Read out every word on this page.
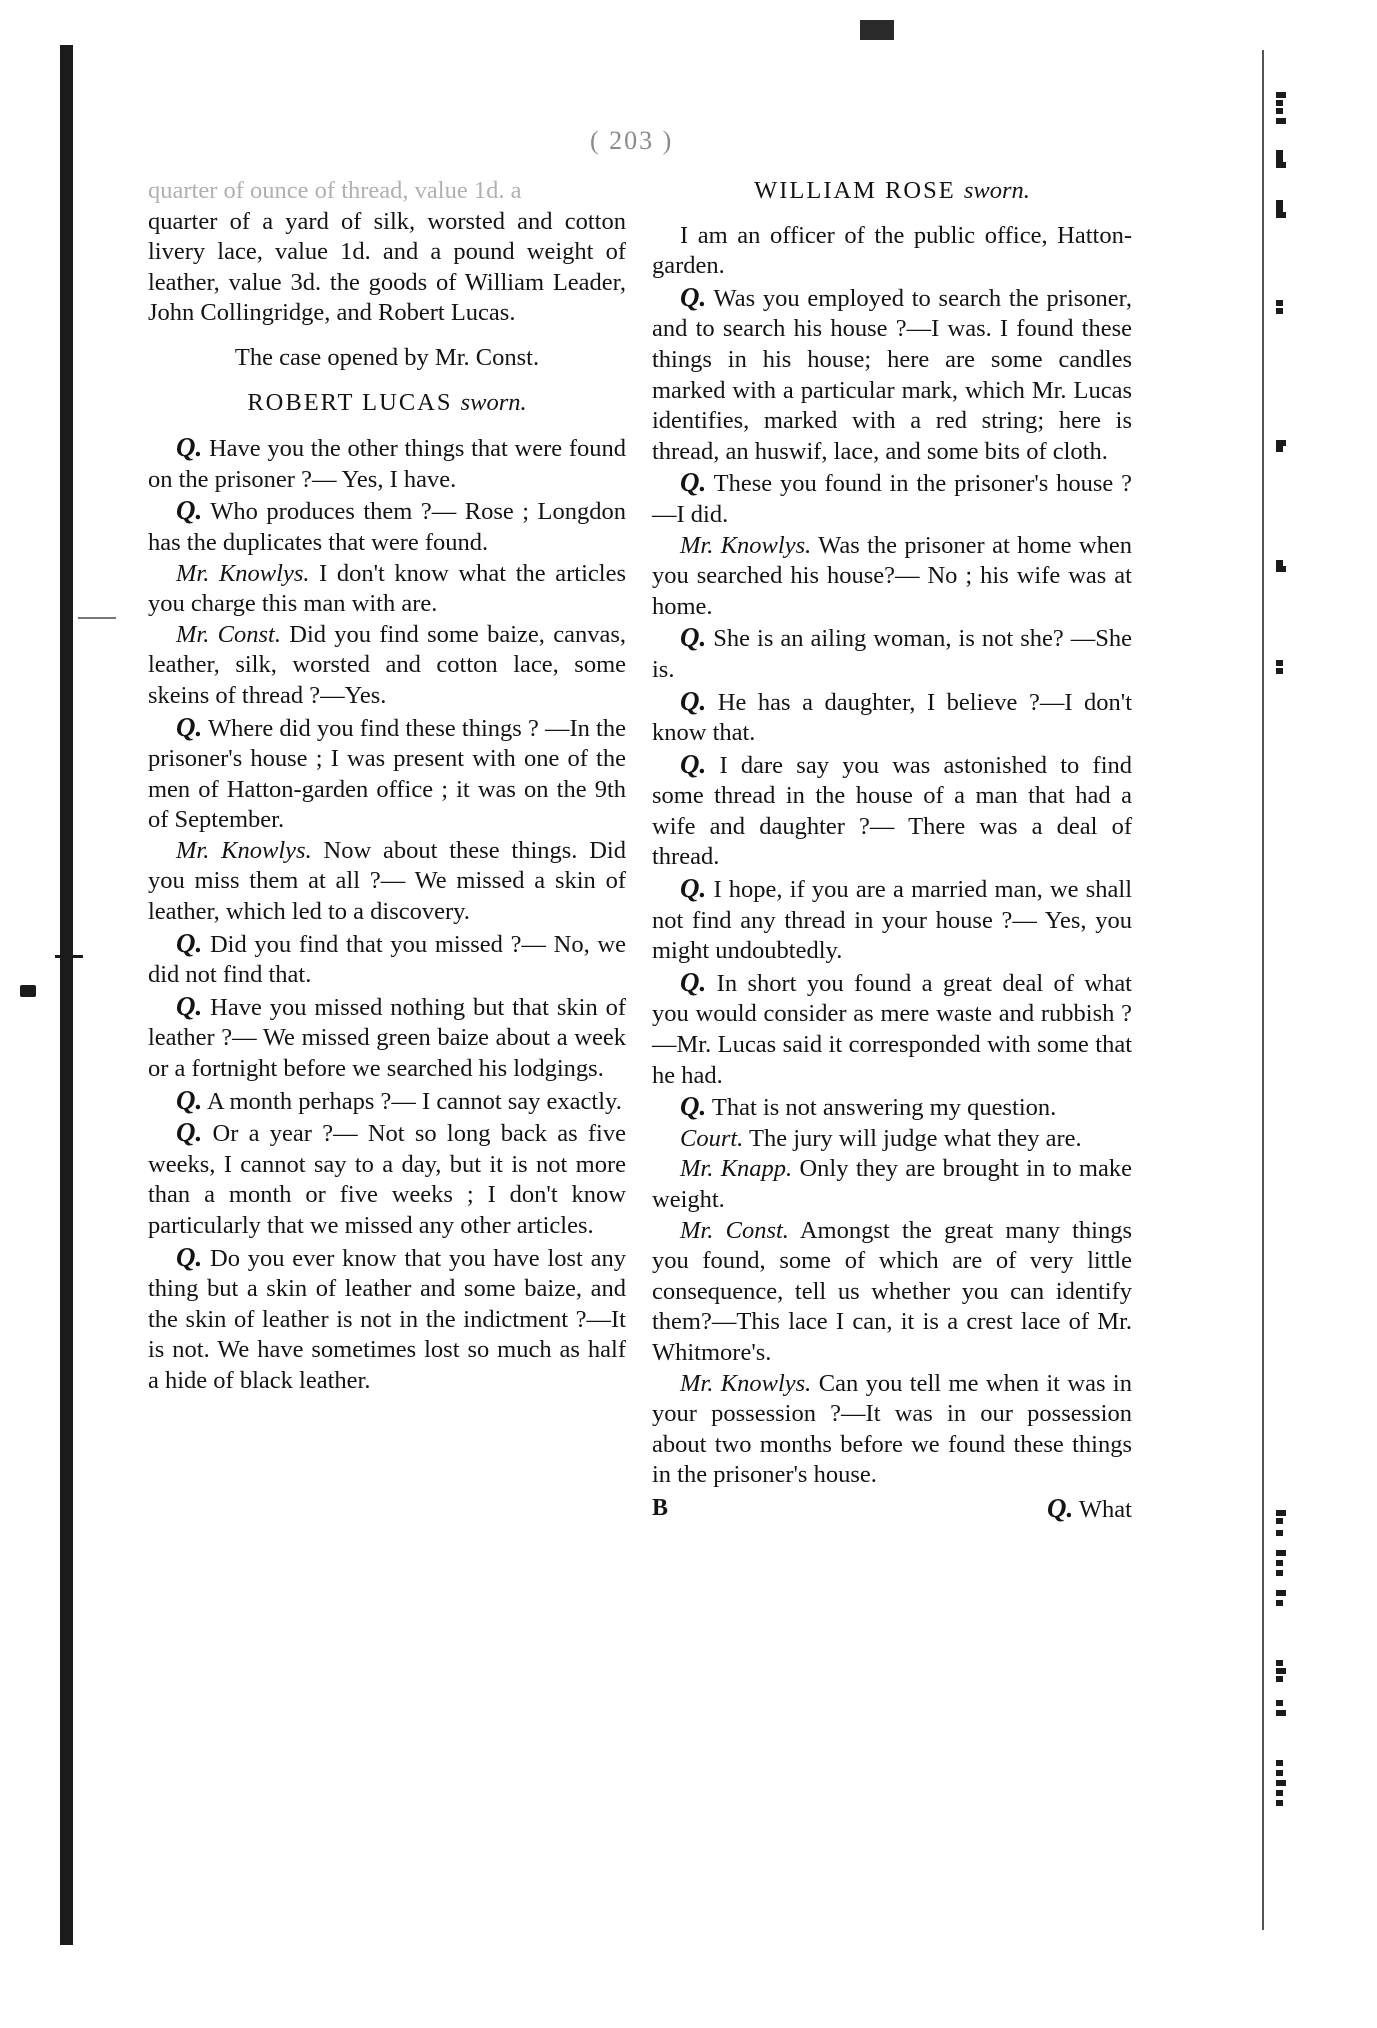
( 203 )

quarter of ounce of thread, value 1d. a

quarter of a yard of silk, worsted and cotton livery lace, value 1d. and a pound weight of leather, value 3d. the goods of William Leader, John Collingridge, and Robert Lucas.

The case opened by Mr. Const.

ROBERT LUCAS sworn.

Q. Have you the other things that were found on the prisoner ?— Yes, I have.

Q. Who produces them ?— Rose ; Longdon has the duplicates that were found.

Mr. Knowlys. I don't know what the articles you charge this man with are.

Mr. Const. Did you find some baize, canvas, leather, silk, worsted and cotton lace, some skeins of thread ?—Yes.

Q. Where did you find these things ? —In the prisoner's house ; I was present with one of the men of Hatton-garden office ; it was on the 9th of September.

Mr. Knowlys. Now about these things. Did you miss them at all ?— We missed a skin of leather, which led to a discovery.

Q. Did you find that you missed ?— No, we did not find that.

Q. Have you missed nothing but that skin of leather ?— We missed green baize about a week or a fortnight before we searched his lodgings.

Q. A month perhaps ?— I cannot say exactly.

Q. Or a year ?— Not so long back as five weeks, I cannot say to a day, but it is not more than a month or five weeks ; I don't know particularly that we missed any other articles.

Q. Do you ever know that you have lost any thing but a skin of leather and some baize, and the skin of leather is not in the indictment ?—It is not. We have sometimes lost so much as half a hide of black leather.

WILLIAM ROSE sworn.

I am an officer of the public office, Hatton-garden.

Q. Was you employed to search the prisoner, and to search his house ?—I was. I found these things in his house; here are some candles marked with a particular mark, which Mr. Lucas identifies, marked with a red string; here is thread, an huswif, lace, and some bits of cloth.

Q. These you found in the prisoner's house ?—I did.

Mr. Knowlys. Was the prisoner at home when you searched his house?— No ; his wife was at home.

Q. She is an ailing woman, is not she? —She is.

Q. He has a daughter, I believe ?—I don't know that.

Q. I dare say you was astonished to find some thread in the house of a man that had a wife and daughter ?— There was a deal of thread.

Q. I hope, if you are a married man, we shall not find any thread in your house ?— Yes, you might undoubtedly.

Q. In short you found a great deal of what you would consider as mere waste and rubbish ?—Mr. Lucas said it corresponded with some that he had.

Q. That is not answering my question.

Court. The jury will judge what they are.

Mr. Knapp. Only they are brought in to make weight.

Mr. Const. Amongst the great many things you found, some of which are of very little consequence, tell us whether you can identify them?—This lace I can, it is a crest lace of Mr. Whitmore's.

Mr. Knowlys. Can you tell me when it was in your possession ?—It was in our possession about two months before we found these things in the prisoner's house.

B	Q. What
